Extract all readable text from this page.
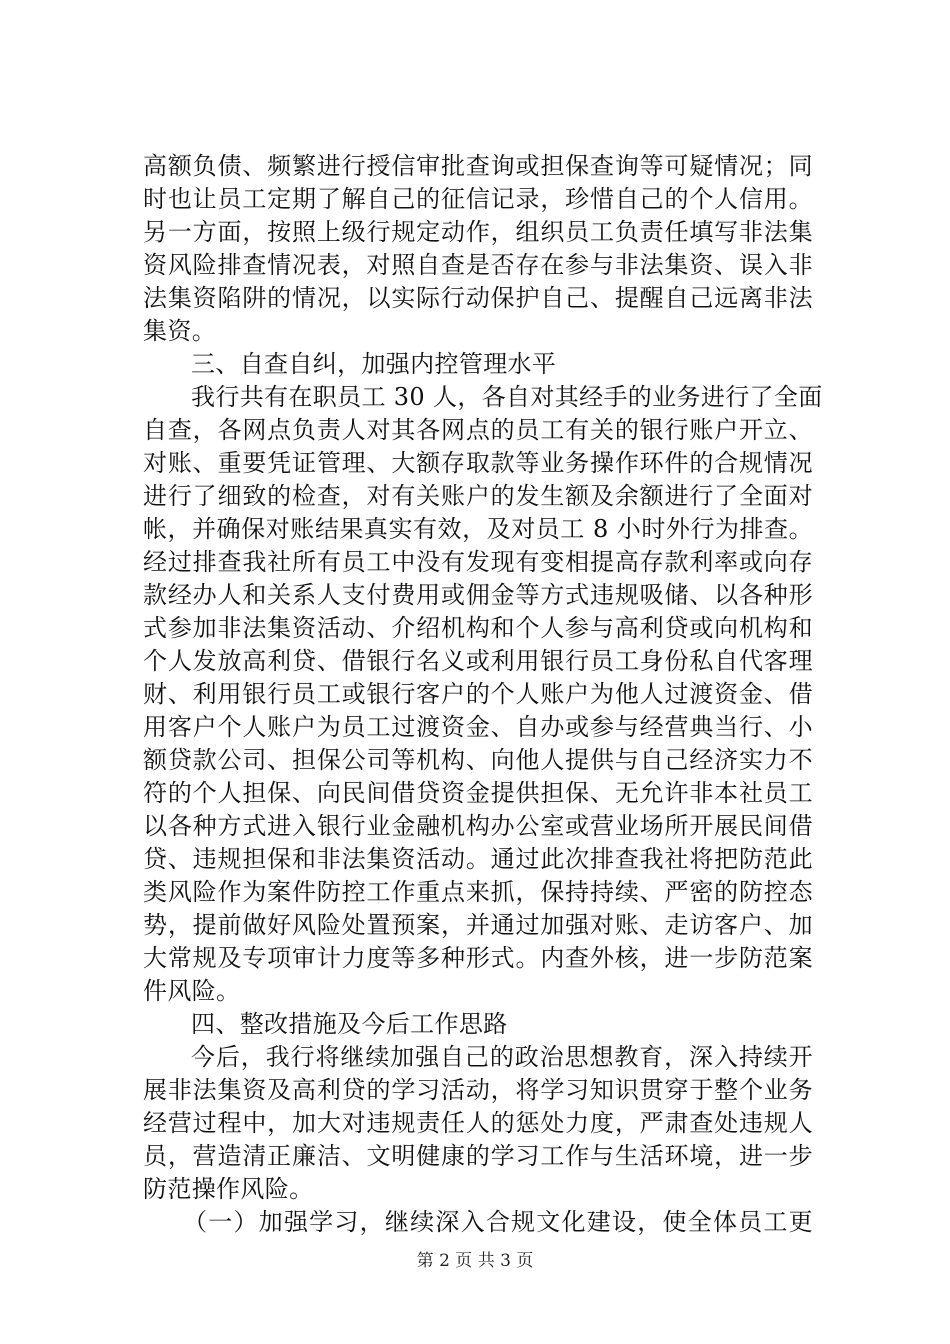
高额负债、频繁进行授信审批查询或担保查询等可疑情况；同
时也让员工定期了解自己的征信记录，珍惜自己的个人信用。
另一方面，按照上级行规定动作，组织员工负责任填写非法集
资风险排查情况表，对照自查是否存在参与非法集资、误入非
法集资陷阱的情况，以实际行动保护自己、提醒自己远离非法
集资。
三、自查自纠，加强内控管理水平
我行共有在职员工 30 人，各自对其经手的业务进行了全面
自查，各网点负责人对其各网点的员工有关的银行账户开立、
对账、重要凭证管理、大额存取款等业务操作环件的合规情况
进行了细致的检查，对有关账户的发生额及余额进行了全面对
帐，并确保对账结果真实有效，及对员工 8 小时外行为排查。
经过排查我社所有员工中没有发现有变相提高存款利率或向存
款经办人和关系人支付费用或佣金等方式违规吸储、以各种形
式参加非法集资活动、介绍机构和个人参与高利贷或向机构和
个人发放高利贷、借银行名义或利用银行员工身份私自代客理
财、利用银行员工或银行客户的个人账户为他人过渡资金、借
用客户个人账户为员工过渡资金、自办或参与经营典当行、小
额贷款公司、担保公司等机构、向他人提供与自己经济实力不
符的个人担保、向民间借贷资金提供担保、无允许非本社员工
以各种方式进入银行业金融机构办公室或营业场所开展民间借
贷、违规担保和非法集资活动。通过此次排查我社将把防范此
类风险作为案件防控工作重点来抓，保持持续、严密的防控态
势，提前做好风险处置预案，并通过加强对账、走访客户、加
大常规及专项审计力度等多种形式。内查外核，进一步防范案
件风险。
四、整改措施及今后工作思路
今后，我行将继续加强自己的政治思想教育，深入持续开
展非法集资及高利贷的学习活动，将学习知识贯穿于整个业务
经营过程中，加大对违规责任人的惩处力度，严肃查处违规人
员，营造清正廉洁、文明健康的学习工作与生活环境，进一步
防范操作风险。
（一）加强学习，继续深入合规文化建设，使全体员工更
第 2 页 共 3 页
